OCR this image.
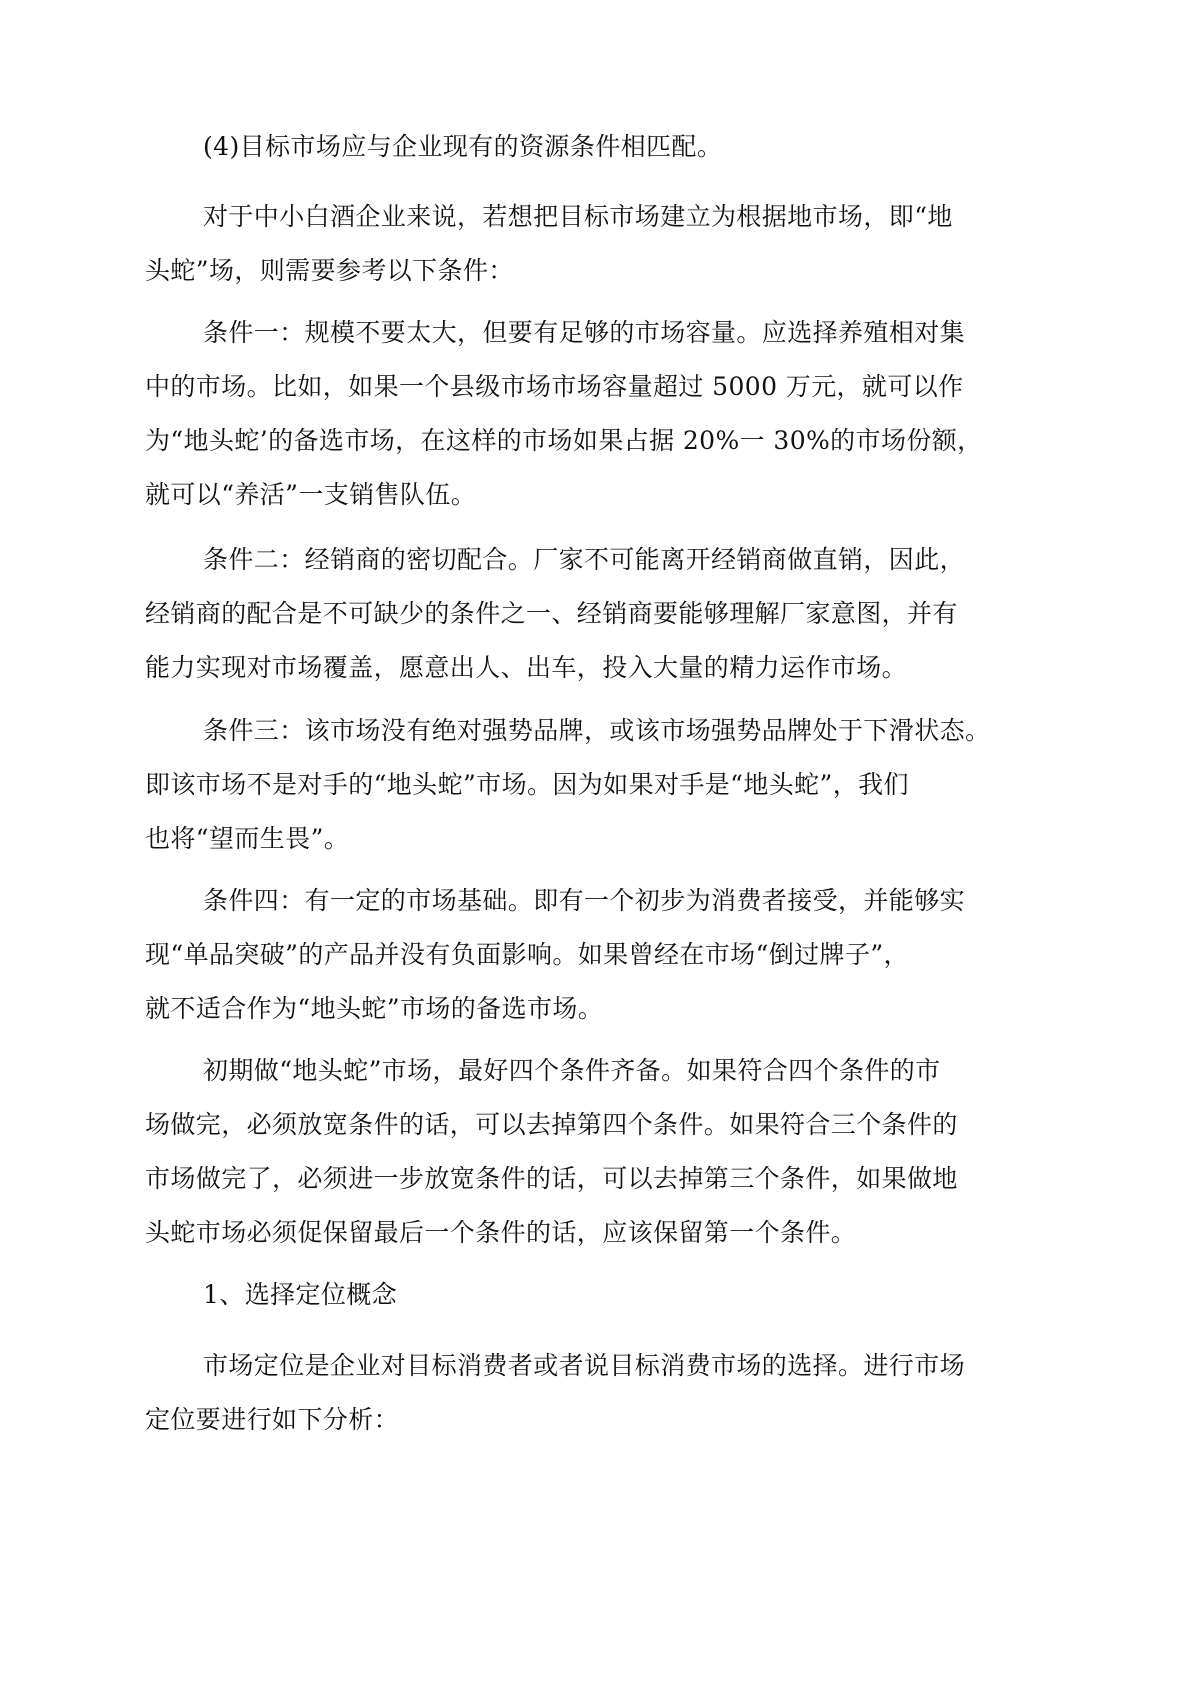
(4)目标市场应与企业现有的资源条件相匹配。
对于中小白酒企业来说，若想把目标市场建立为根据地市场，即“地
头蛇”场，则需要参考以下条件：
条件一：规模不要太大，但要有足够的市场容量。应选择养殖相对集
中的市场。比如，如果一个县级市场市场容量超过 5000 万元，就可以作
为“地头蛇’的备选市场，在这样的市场如果占据 20%一 30%的市场份额，
就可以“养活”一支销售队伍。
条件二：经销商的密切配合。厂家不可能离开经销商做直销，因此，
经销商的配合是不可缺少的条件之一、经销商要能够理解厂家意图，并有
能力实现对市场覆盖，愿意出人、出车，投入大量的精力运作市场。
条件三：该市场没有绝对强势品牌，或该市场强势品牌处于下滑状态。
即该市场不是对手的“地头蛇”市场。因为如果对手是“地头蛇”，我们
也将“望而生畏”。
条件四：有一定的市场基础。即有一个初步为消费者接受，并能够实
现“单品突破”的产品并没有负面影响。如果曾经在市场“倒过牌子”，
就不适合作为“地头蛇”市场的备选市场。
初期做“地头蛇”市场，最好四个条件齐备。如果符合四个条件的市
场做完，必须放宽条件的话，可以去掉第四个条件。如果符合三个条件的
市场做完了，必须进一步放宽条件的话，可以去掉第三个条件，如果做地
头蛇市场必须促保留最后一个条件的话，应该保留第一个条件。
1、选择定位概念
市场定位是企业对目标消费者或者说目标消费市场的选择。进行市场
定位要进行如下分析：
